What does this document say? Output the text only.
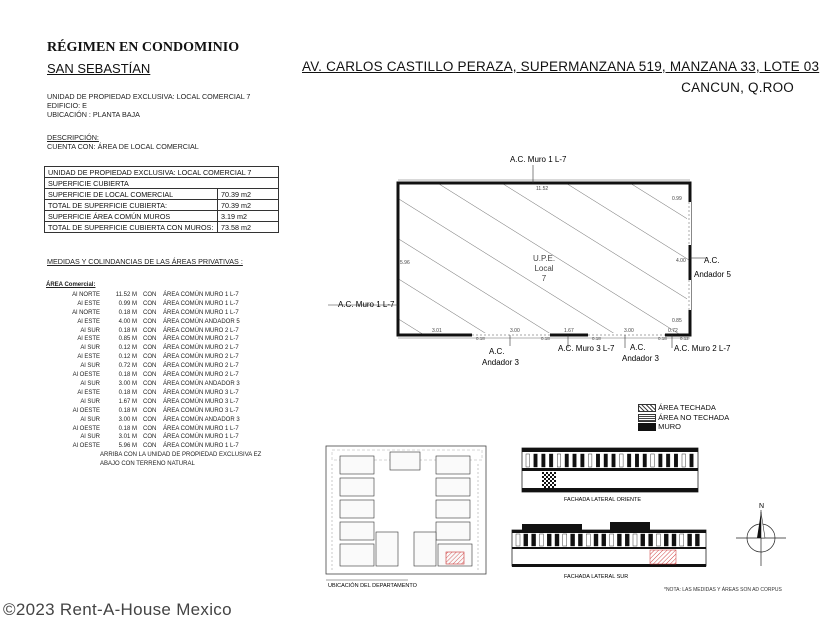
RÉGIMEN EN CONDOMINIO
SAN SEBASTÍAN	AV. CARLOS CASTILLO PERAZA, SUPERMANZANA 519, MANZANA 33, LOTE 03
CANCUN, Q.ROO
UNIDAD DE PROPIEDAD EXCLUSIVA: LOCAL COMERCIAL 7
EDIFICIO: E
UBICACIÓN : PLANTA BAJA
DESCRIPCIÓN:
CUENTA CON: ÁREA DE LOCAL COMERCIAL
UNIDAD DE PROPIEDAD EXCLUSIVA: LOCAL COMERCIAL 7	
SUPERFICIE CUBIERTA	
SUPERFICIE DE LOCAL COMERCIAL	70.39 m2
TOTAL DE SUPERFICIE CUBIERTA:	70.39 m2
SUPERFICIE ÁREA COMÚN MUROS	3.19 m2
TOTAL DE SUPERFICIE CUBIERTA CON MUROS:	73.58 m2
MEDIDAS Y COLINDANCIAS DE LAS ÁREAS PRIVATIVAS :
ÁREA Comercial:
Al NORTE	11.52 M CON ÁREA COMÚN MURO 1 L-7
Al ESTE	0.99 M CON ÁREA COMÚN MURO 1 L-7
Al NORTE	0.18 M CON ÁREA COMÚN MURO 1 L-7
Al ESTE	4.00 M CON ÁREA COMÚN ANDADOR 5
Al SUR	0.18 M CON ÁREA COMÚN MURO 2 L-7
Al ESTE	0.85 M CON ÁREA COMÚN MURO 2 L-7
Al SUR	0.12 M CON ÁREA COMÚN MURO 2 L-7
Al ESTE	0.12 M CON ÁREA COMÚN MURO 2 L-7
Al SUR	0.72 M CON ÁREA COMÚN MURO 2 L-7
Al OESTE	0.18 M CON ÁREA COMÚN MURO 2 L-7
Al SUR	3.00 M CON ÁREA COMÚN ANDADOR 3
Al ESTE	0.18 M CON ÁREA COMÚN MURO 3 L-7
Al SUR	1.67 M CON ÁREA COMÚN MURO 3 L-7
Al OESTE	0.18 M CON ÁREA COMÚN MURO 3 L-7
Al SUR	3.00 M CON ÁREA COMÚN ANDADOR 3
Al OESTE	0.18 M CON ÁREA COMÚN MURO 1 L-7
Al SUR	3.01 M CON ÁREA COMÚN MURO 1 L-7
Al OESTE	5.96 M CON ÁREA COMÚN MURO 1 L-7
ARRIBA CON LA UNIDAD DE PROPIEDAD EXCLUSIVA EZ
ABAJO CON TERRENO NATURAL
A.C. Muro 1 L-7
A.C. Muro 1 L-7
A.C.
Andador 5
U.P.E.
Local
7
A.C.
Andador 3
A.C. Muro 3 L-7 A.C.
Andador 3
A.C. Muro 2 L-7
11.52
5.96
0.99
4.00
0.85
3.01	3.00	1.67	3.00	0.72
0.18	0.18	0.18	0.18	0.12
ÁREA TECHADA
ÁREA NO TECHADA
MURO
UBICACIÓN DEL DEPARTAMENTO
FACHADA LATERAL ORIENTE
FACHADA LATERAL SUR
N
*NOTA: LAS MEDIDAS Y ÁREAS SON AD CORPUS
©2023 Rent-A-House Mexico
